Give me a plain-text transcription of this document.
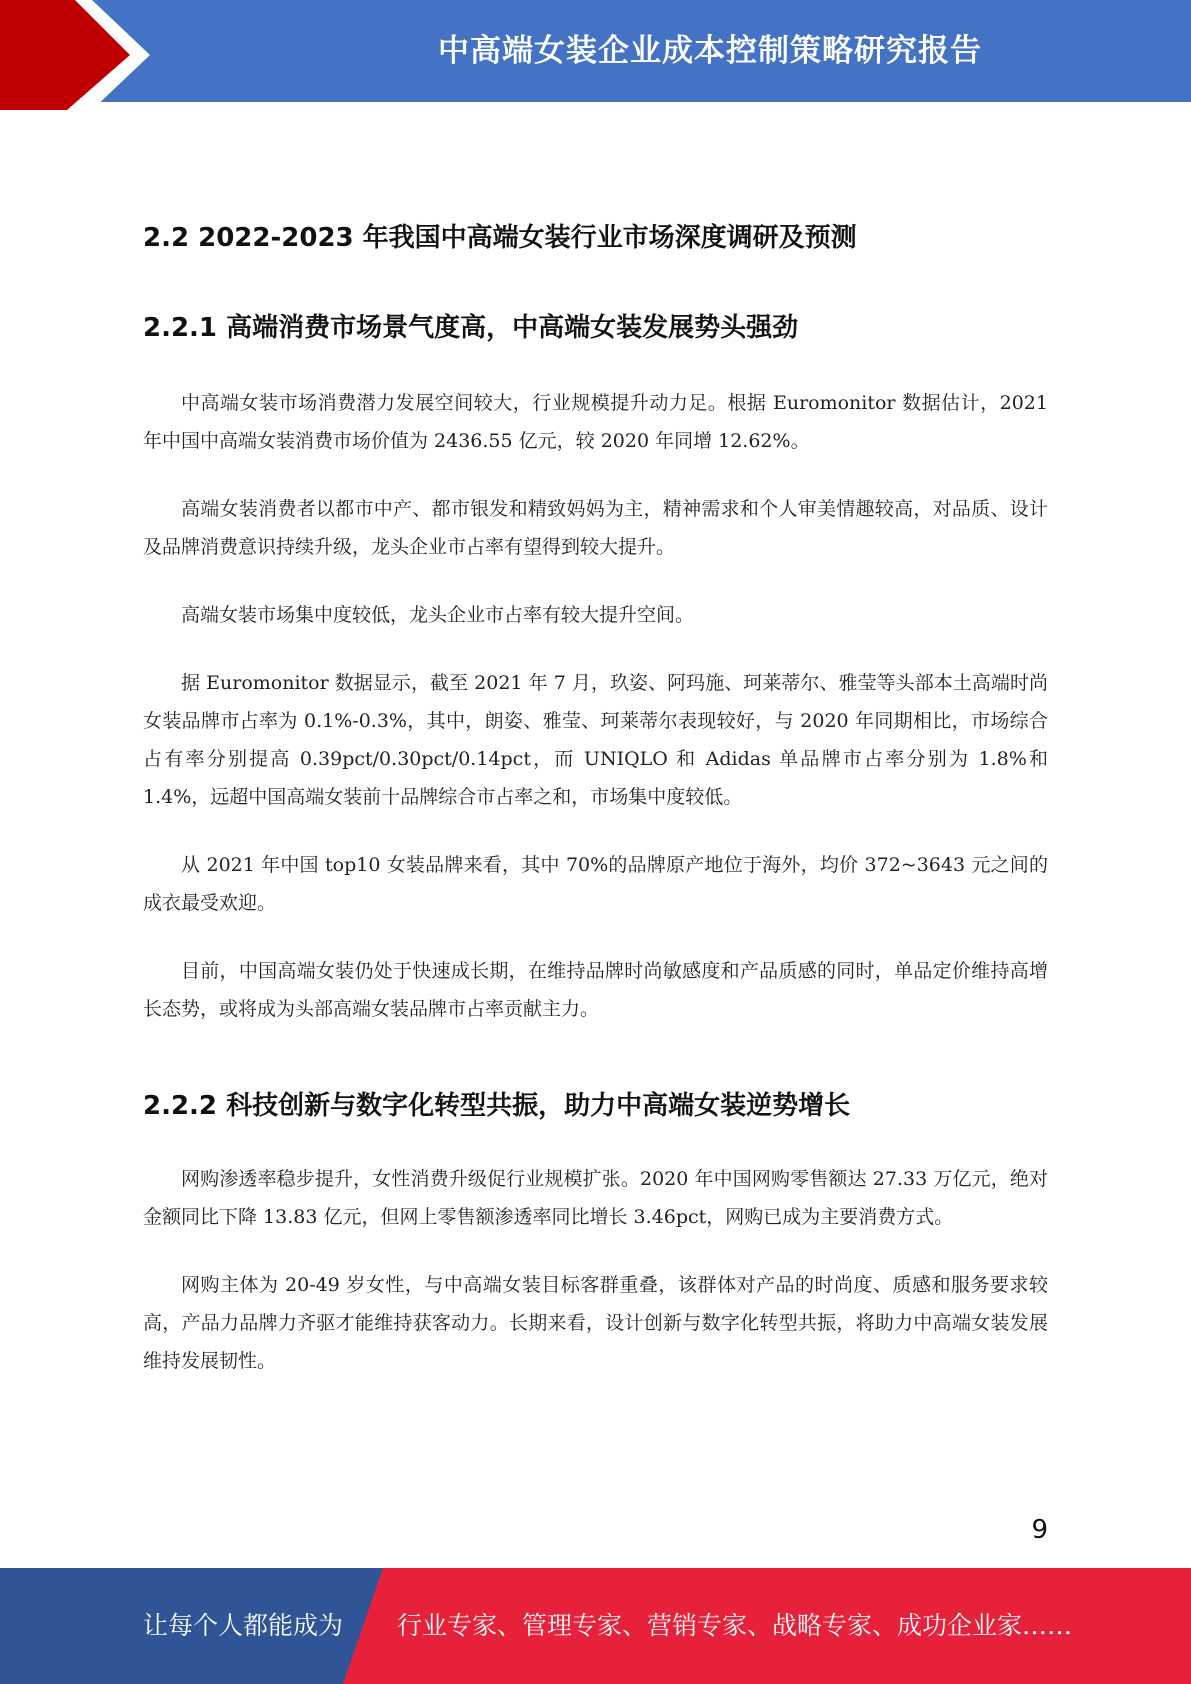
中高端女装企业成本控制策略研究报告
2.2 2022-2023 年我国中高端女装行业市场深度调研及预测
2.2.1 高端消费市场景气度高，中高端女装发展势头强劲

中高端女装市场消费潜力发展空间较大，行业规模提升动力足。根据 Euromonitor 数据估计，2021 年中国中高端女装消费市场价值为 2436.55 亿元，较 2020 年同增 12.62%。

高端女装消费者以都市中产、都市银发和精致妈妈为主，精神需求和个人审美情趣较高，对品质、设计及品牌消费意识持续升级，龙头企业市占率有望得到较大提升。

高端女装市场集中度较低，龙头企业市占率有较大提升空间。

据 Euromonitor 数据显示，截至 2021 年 7 月，玖姿、阿玛施、珂莱蒂尔、雅莹等头部本土高端时尚女装品牌市占率为 0.1%-0.3%，其中，朗姿、雅莹、珂莱蒂尔表现较好，与 2020 年同期相比，市场综合占有率分别提高 0.39pct/0.30pct/0.14pct，而 UNIQLO 和 Adidas 单品牌市占率分别为 1.8%和 1.4%，远超中国高端女装前十品牌综合市占率之和，市场集中度较低。

从 2021 年中国 top10 女装品牌来看，其中 70%的品牌原产地位于海外，均价 372~3643 元之间的成衣最受欢迎。

目前，中国高端女装仍处于快速成长期，在维持品牌时尚敏感度和产品质感的同时，单品定价维持高增长态势，或将成为头部高端女装品牌市占率贡献主力。

2.2.2 科技创新与数字化转型共振，助力中高端女装逆势增长

网购渗透率稳步提升，女性消费升级促行业规模扩张。2020 年中国网购零售额达 27.33 万亿元，绝对金额同比下降 13.83 亿元，但网上零售额渗透率同比增长 3.46pct，网购已成为主要消费方式。

网购主体为 20-49 岁女性，与中高端女装目标客群重叠，该群体对产品的时尚度、质感和服务要求较高，产品力品牌力齐驱才能维持获客动力。长期来看，设计创新与数字化转型共振，将助力中高端女装发展维持发展韧性。

9
让每个人都能成为 行业专家、管理专家、营销专家、战略专家、成功企业家……
